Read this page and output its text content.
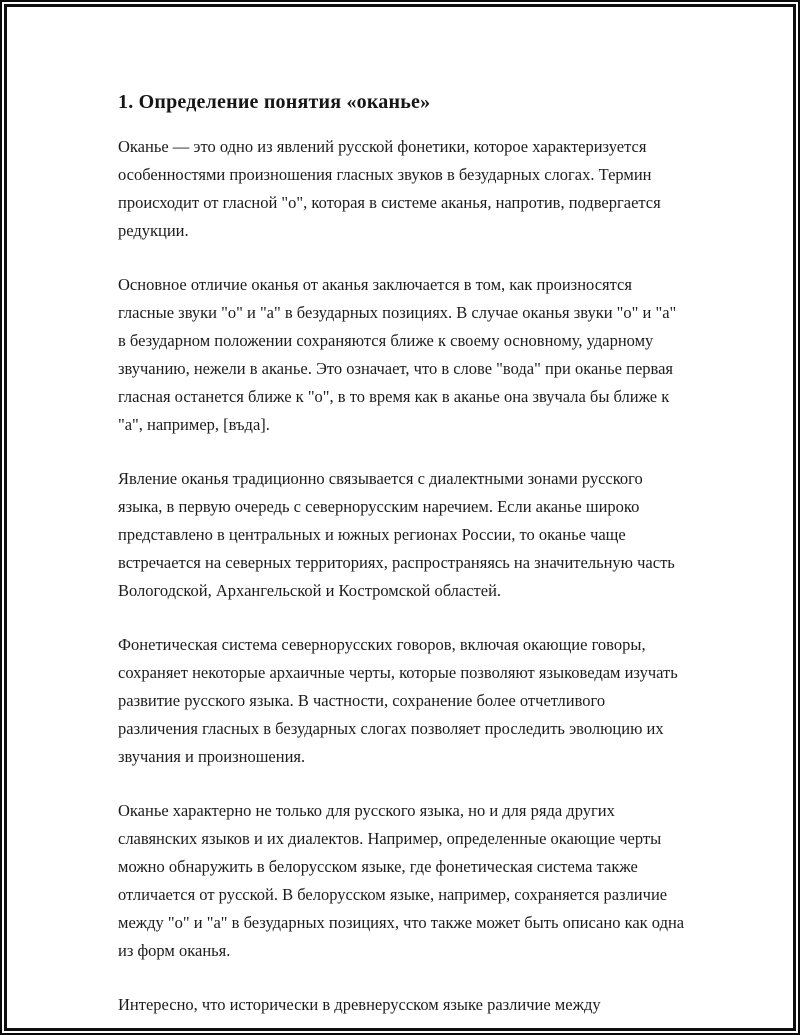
1. Определение понятия «оканье»

Оканье — это одно из явлений русской фонетики, которое характеризуется особенностями произношения гласных звуков в безударных слогах. Термин происходит от гласной "о", которая в системе аканья, напротив, подвергается редукции.

Основное отличие оканья от аканья заключается в том, как произносятся гласные звуки "о" и "а" в безударных позициях. В случае оканья звуки "о" и "а" в безударном положении сохраняются ближе к своему основному, ударному звучанию, нежели в аканье. Это означает, что в слове "вода" при оканье первая гласная останется ближе к "о", в то время как в аканье она звучала бы ближе к "а", например, [въда].

Явление оканья традиционно связывается с диалектными зонами русского языка, в первую очередь с севернорусским наречием. Если аканье широко представлено в центральных и южных регионах России, то оканье чаще встречается на северных территориях, распространяясь на значительную часть Вологодской, Архангельской и Костромской областей.

Фонетическая система севернорусских говоров, включая окающие говоры, сохраняет некоторые архаичные черты, которые позволяют языковедам изучать развитие русского языка. В частности, сохранение более отчетливого различения гласных в безударных слогах позволяет проследить эволюцию их звучания и произношения.

Оканье характерно не только для русского языка, но и для ряда других славянских языков и их диалектов. Например, определенные окающие черты можно обнаружить в белорусском языке, где фонетическая система также отличается от русской. В белорусском языке, например, сохраняется различие между "о" и "а" в безударных позициях, что также может быть описано как одна из форм оканья.

Интересно, что исторически в древнерусском языке различие между
